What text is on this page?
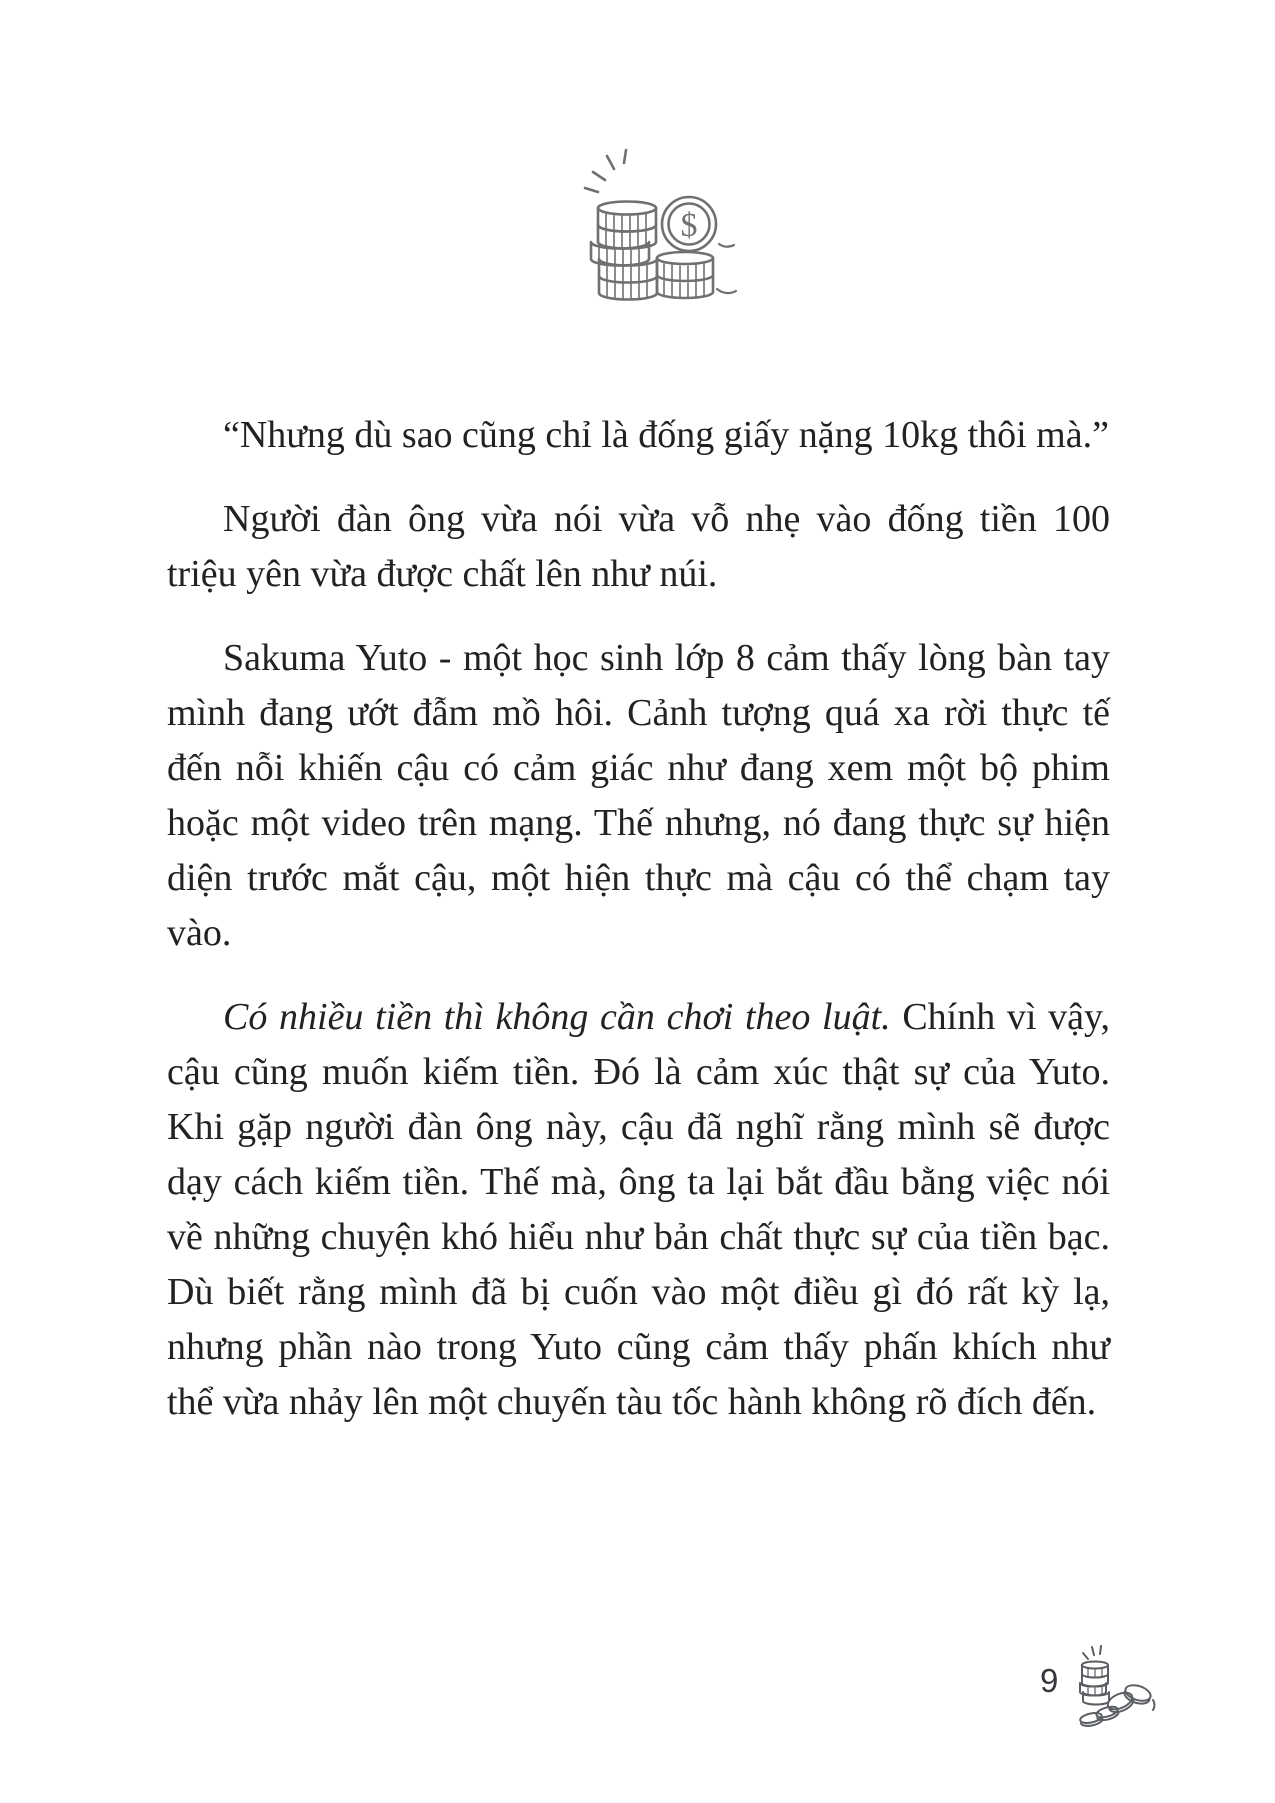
$

“Nhưng dù sao cũng chỉ là đống giấy nặng 10kg thôi mà.”

Người đàn ông vừa nói vừa vỗ nhẹ vào đống tiền 100 triệu yên vừa được chất lên như núi.

Sakuma Yuto - một học sinh lớp 8 cảm thấy lòng bàn tay mình đang ướt đẫm mồ hôi. Cảnh tượng quá xa rời thực tế đến nỗi khiến cậu có cảm giác như đang xem một bộ phim hoặc một video trên mạng. Thế nhưng, nó đang thực sự hiện diện trước mắt cậu, một hiện thực mà cậu có thể chạm tay vào.

Có nhiều tiền thì không cần chơi theo luật. Chính vì vậy, cậu cũng muốn kiếm tiền. Đó là cảm xúc thật sự của Yuto. Khi gặp người đàn ông này, cậu đã nghĩ rằng mình sẽ được dạy cách kiếm tiền. Thế mà, ông ta lại bắt đầu bằng việc nói về những chuyện khó hiểu như bản chất thực sự của tiền bạc. Dù biết rằng mình đã bị cuốn vào một điều gì đó rất kỳ lạ, nhưng phần nào trong Yuto cũng cảm thấy phấn khích như thể vừa nhảy lên một chuyến tàu tốc hành không rõ đích đến.

9
